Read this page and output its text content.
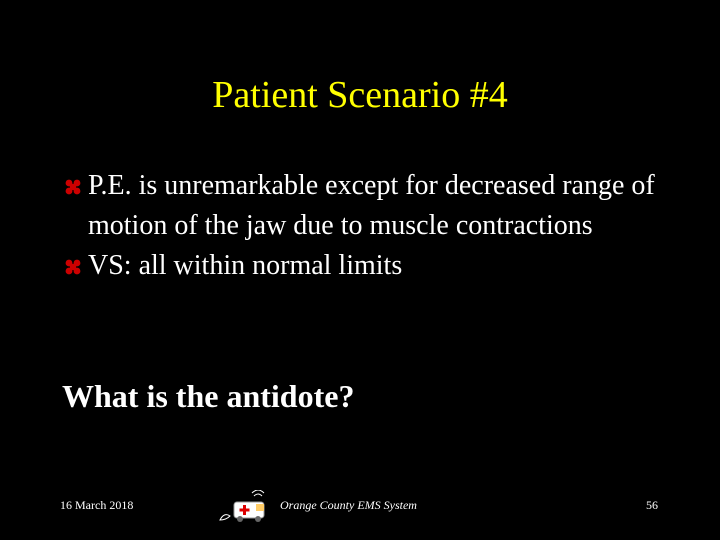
Patient Scenario #4
P.E. is unremarkable except for decreased range of motion of the jaw due to muscle contractions
VS: all within normal limits
What is the antidote?
16 March 2018	Orange County EMS System	56
